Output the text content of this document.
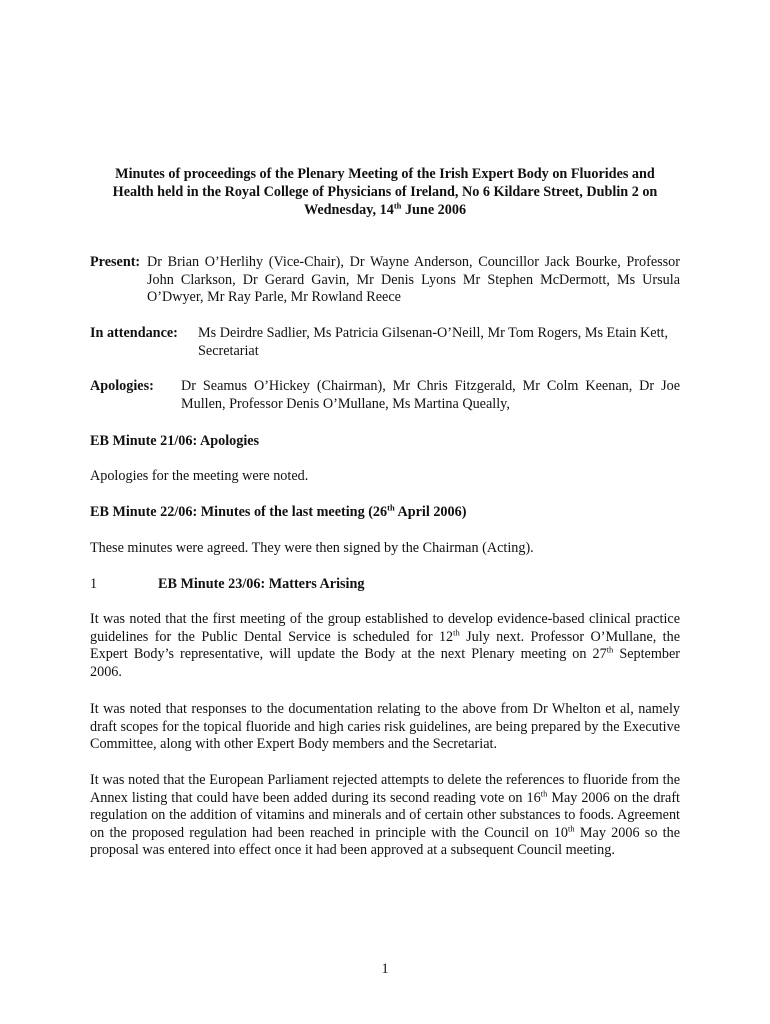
Minutes of proceedings of the Plenary Meeting of the Irish Expert Body on Fluorides and
Health held in the Royal College of Physicians of Ireland, No 6 Kildare Street, Dublin 2 on
Wednesday, 14th June 2006
Present: Dr Brian O’Herlihy (Vice-Chair), Dr Wayne Anderson, Councillor Jack Bourke, Professor John Clarkson, Dr Gerard Gavin, Mr Denis Lyons Mr Stephen McDermott, Ms Ursula O’Dwyer, Mr Ray Parle, Mr Rowland Reece
In attendance: Ms Deirdre Sadlier, Ms Patricia Gilsenan-O’Neill, Mr Tom Rogers, Ms Etain Kett, Secretariat
Apologies: Dr Seamus O’Hickey (Chairman), Mr Chris Fitzgerald, Mr Colm Keenan, Dr Joe Mullen, Professor Denis O’Mullane, Ms Martina Queally,
EB Minute 21/06: Apologies
Apologies for the meeting were noted.
EB Minute 22/06: Minutes of the last meeting (26th April 2006)
These minutes were agreed. They were then signed by the Chairman (Acting).
1	EB Minute 23/06: Matters Arising
It was noted that the first meeting of the group established to develop evidence-based clinical practice guidelines for the Public Dental Service is scheduled for 12th July next. Professor O’Mullane, the Expert Body’s representative, will update the Body at the next Plenary meeting on 27th September 2006.
It was noted that responses to the documentation relating to the above from Dr Whelton et al, namely draft scopes for the topical fluoride and high caries risk guidelines, are being prepared by the Executive Committee, along with other Expert Body members and the Secretariat.
It was noted that the European Parliament rejected attempts to delete the references to fluoride from the Annex listing that could have been added during its second reading vote on 16th May 2006 on the draft regulation on the addition of vitamins and minerals and of certain other substances to foods. Agreement on the proposed regulation had been reached in principle with the Council on 10th May 2006 so the proposal was entered into effect once it had been approved at a subsequent Council meeting.
1
